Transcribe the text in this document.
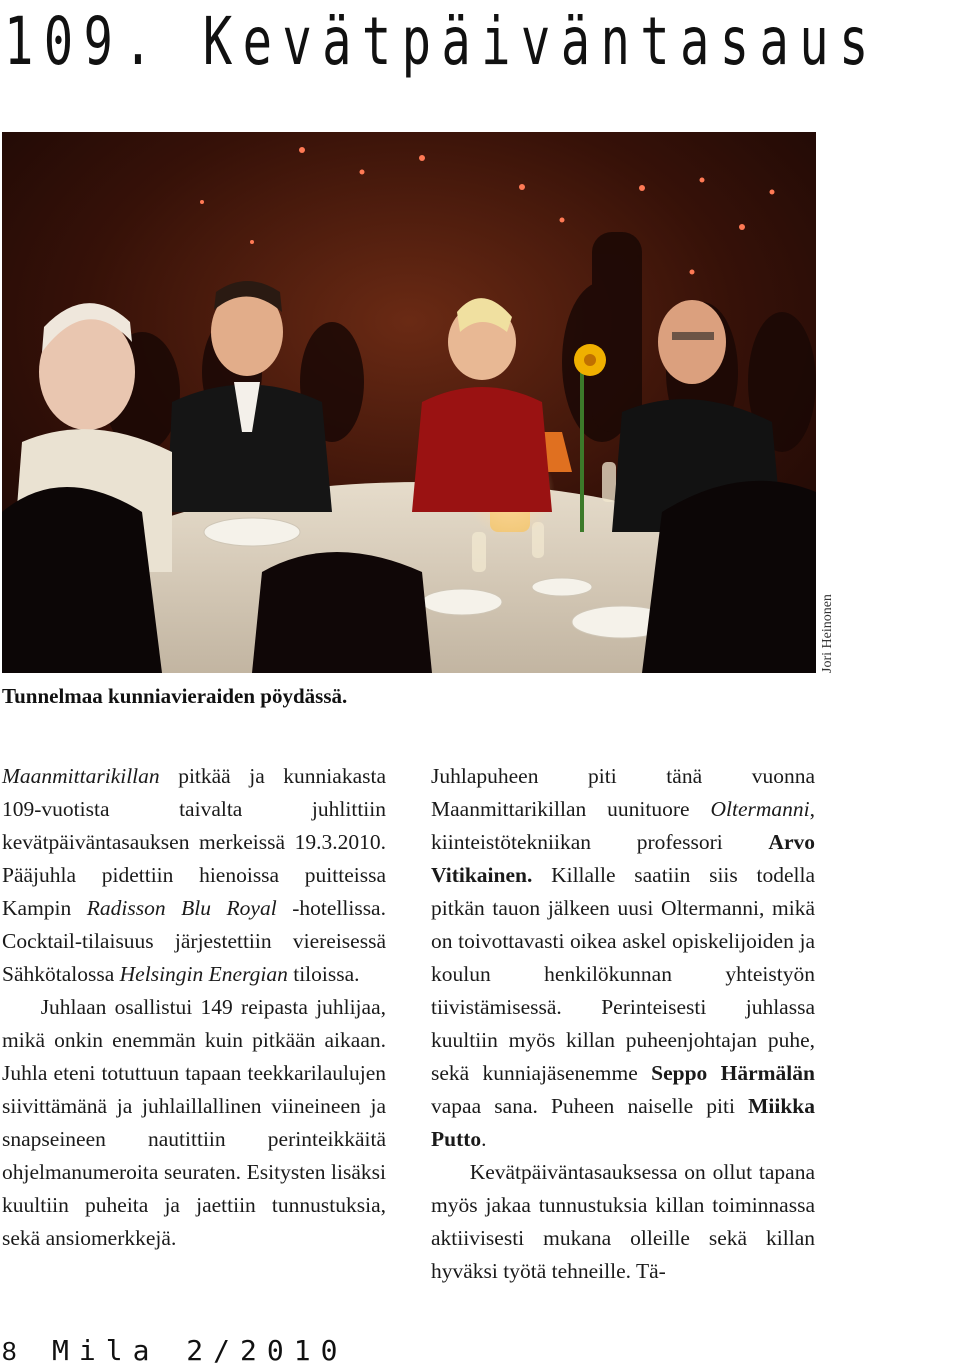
109. Kevätpäiväntasaus
Jori Heinonen

Tunnelmaa kunniavieraiden pöydässä.

Maanmittarikillan pitkää ja kunniakasta 109-vuotista taivalta juhlittiin kevätpäiväntasauksen merkeissä 19.3.2010. Pääjuhla pidettiin hienoissa puitteissa Kampin Radisson Blu Royal -hotellissa. Cocktail-tilaisuus järjestettiin viereisessä Sähkötalossa Helsingin Energian tiloissa.

Juhlaan osallistui 149 reipasta juhlijaa, mikä onkin enemmän kuin pitkään aikaan. Juhla eteni totuttuun tapaan teekkarilaulujen siivittämänä ja juhlaillallinen viineineen ja snapseineen nautittiin perinteikkäitä ohjelmanumeroita seuraten. Esitysten lisäksi kuultiin puheita ja jaettiin tunnustuksia, sekä ansiomerkkejä.

Juhlapuheen piti tänä vuonna Maanmittarikillan uunituore Oltermanni, kiinteistötekniikan professori Arvo Vitikainen. Killalle saatiin siis todella pitkän tauon jälkeen uusi Oltermanni, mikä on toivottavasti oikea askel opiskelijoiden ja koulun henkilökunnan yhteistyön tiivistämisessä. Perinteisesti juhlassa kuultiin myös killan puheenjohtajan puhe, sekä kunniajäsenemme Seppo Härmälän vapaa sana. Puheen naiselle piti Miikka Putto.

Kevätpäiväntasauksessa on ollut tapana myös jakaa tunnustuksia killan toiminnassa aktiivisesti mukana olleille sekä killan hyväksi työtä tehneille. Tä-

8 Mila 2/2010
